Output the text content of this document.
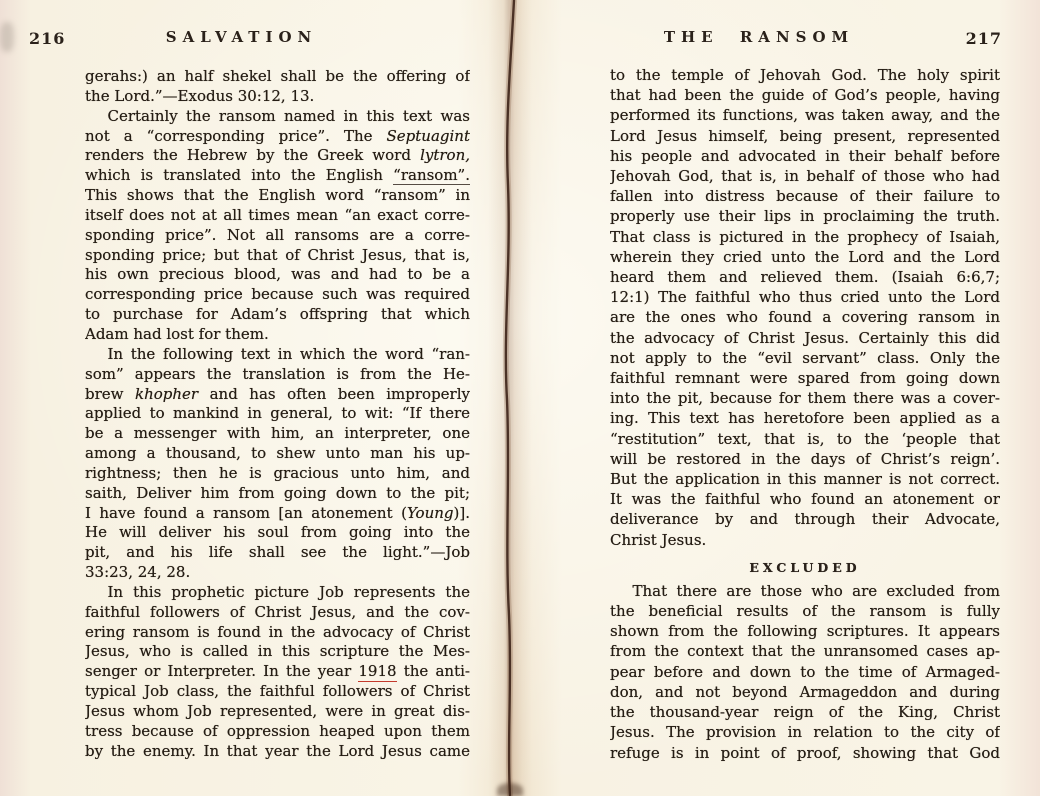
216	SALVATION
gerahs:) an half shekel shall be the offering of
the Lord.”—Exodus 30:12, 13.
Certainly the ransom named in this text was
not a “corresponding price”. The Septuagint
renders the Hebrew by the Greek word lytron,
which is translated into the English “ransom”.
This shows that the English word “ransom” in
itself does not at all times mean “an exact corre-
sponding price”. Not all ransoms are a corre-
sponding price; but that of Christ Jesus, that is,
his own precious blood, was and had to be a
corresponding price because such was required
to purchase for Adam’s offspring that which
Adam had lost for them.
In the following text in which the word “ran-
som” appears the translation is from the He-
brew khopher and has often been improperly
applied to mankind in general, to wit: “If there
be a messenger with him, an interpreter, one
among a thousand, to shew unto man his up-
rightness; then he is gracious unto him, and
saith, Deliver him from going down to the pit;
I have found a ransom [an atonement (Young)].
He will deliver his soul from going into the
pit, and his life shall see the light.”—Job
33:23, 24, 28.
In this prophetic picture Job represents the
faithful followers of Christ Jesus, and the cov-
ering ransom is found in the advocacy of Christ
Jesus, who is called in this scripture the Mes-
senger or Interpreter. In the year 1918 the anti-
typical Job class, the faithful followers of Christ
Jesus whom Job represented, were in great dis-
tress because of oppression heaped upon them
by the enemy. In that year the Lord Jesus came
THE RANSOM	217
to the temple of Jehovah God. The holy spirit
that had been the guide of God’s people, having
performed its functions, was taken away, and the
Lord Jesus himself, being present, represented
his people and advocated in their behalf before
Jehovah God, that is, in behalf of those who had
fallen into distress because of their failure to
properly use their lips in proclaiming the truth.
That class is pictured in the prophecy of Isaiah,
wherein they cried unto the Lord and the Lord
heard them and relieved them. (Isaiah 6:6,7;
12:1) The faithful who thus cried unto the Lord
are the ones who found a covering ransom in
the advocacy of Christ Jesus. Certainly this did
not apply to the “evil servant” class. Only the
faithful remnant were spared from going down
into the pit, because for them there was a cover-
ing. This text has heretofore been applied as a
“restitution” text, that is, to the ‘people that
will be restored in the days of Christ’s reign’.
But the application in this manner is not correct.
It was the faithful who found an atonement or
deliverance by and through their Advocate,
Christ Jesus.
EXCLUDED
That there are those who are excluded from
the beneficial results of the ransom is fully
shown from the following scriptures. It appears
from the context that the unransomed cases ap-
pear before and down to the time of Armaged-
don, and not beyond Armageddon and during
the thousand-year reign of the King, Christ
Jesus. The provision in relation to the city of
refuge is in point of proof, showing that God
